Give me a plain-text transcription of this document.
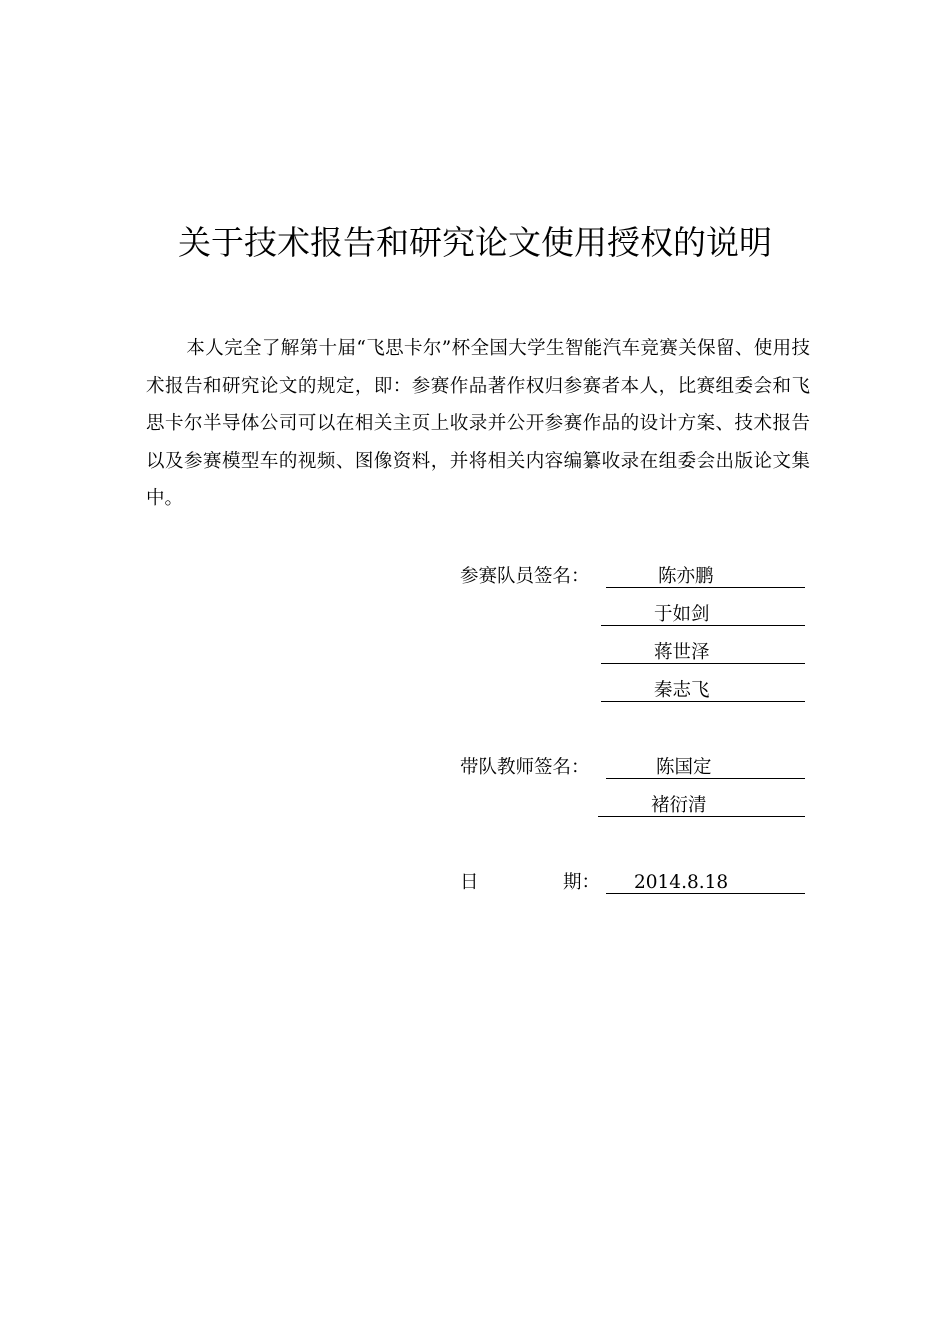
关于技术报告和研究论文使用授权的说明
本人完全了解第十届“飞思卡尔”杯全国大学生智能汽车竞赛关保留、使用技术报告和研究论文的规定，即：参赛作品著作权归参赛者本人，比赛组委会和飞思卡尔半导体公司可以在相关主页上收录并公开参赛作品的设计方案、技术报告以及参赛模型车的视频、图像资料，并将相关内容编纂收录在组委会出版论文集中。
参赛队员签名：	陈亦鹏
于如剑
蒋世泽
秦志飞
带队教师签名：	陈国定
褚衍清
日	期： 2014.8.18
